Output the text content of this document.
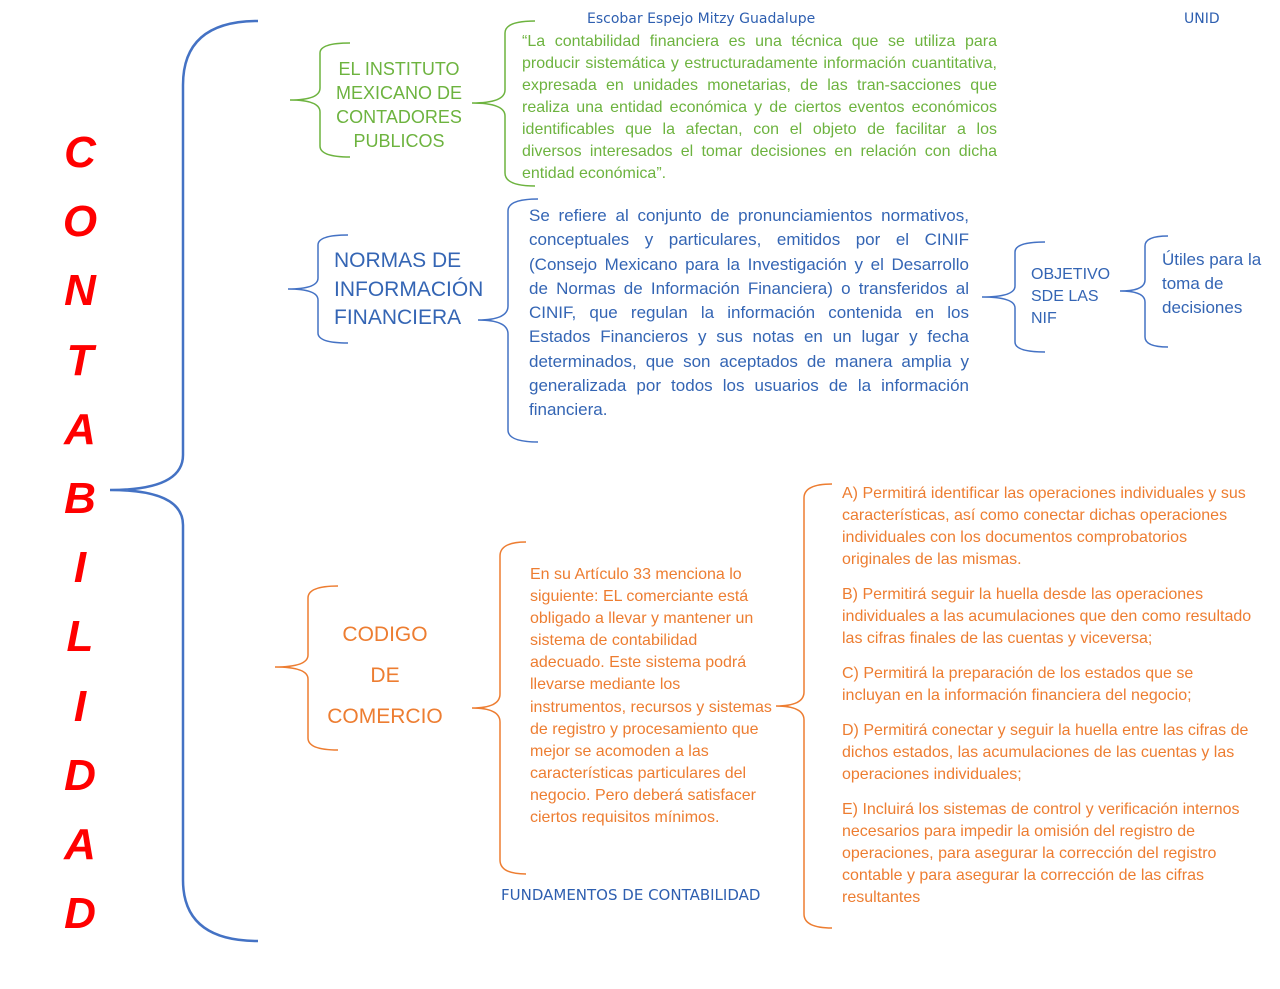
Escobar Espejo Mitzy Guadalupe	UNID
C
O
N
T
A
B
I
L
I
D
A
D
EL INSTITUTO MEXICANO DE CONTADORES PUBLICOS
“La contabilidad financiera es una técnica que se utiliza para producir sistemática y estructuradamente información cuantitativa, expresada en unidades monetarias, de las tran-sacciones que realiza una entidad económica y de ciertos eventos económicos identificables que la afectan, con el objeto de facilitar a los diversos interesados el tomar decisiones en relación con dicha entidad económica”.
NORMAS DE INFORMACIÓN FINANCIERA
Se refiere al conjunto de pronunciamientos normativos, conceptuales y particulares, emitidos por el CINIF (Consejo Mexicano para la Investigación y el Desarrollo de Normas de Información Financiera) o transferidos al CINIF, que regulan la información contenida en los Estados Financieros y sus notas en un lugar y fecha determinados, que son aceptados de manera amplia y generalizada por todos los usuarios de la información financiera.
OBJETIVO SDE LAS NIF
Útiles para la toma de decisiones
CODIGO
DE
COMERCIO
En su Artículo 33 menciona lo siguiente: EL comerciante está obligado a llevar y mantener un sistema de contabilidad adecuado. Este sistema podrá llevarse mediante los instrumentos, recursos y sistemas de registro y procesamiento que mejor se acomoden a las características particulares del negocio. Pero deberá satisfacer ciertos requisitos mínimos.

A) Permitirá identificar las operaciones individuales y sus características, así como conectar dichas operaciones individuales con los documentos comprobatorios originales de las mismas.

B) Permitirá seguir la huella desde las operaciones individuales a las acumulaciones que den como resultado las cifras finales de las cuentas y viceversa;

C) Permitirá la preparación de los estados que se incluyan en la información financiera del negocio;

D) Permitirá conectar y seguir la huella entre las cifras de dichos estados, las acumulaciones de las cuentas y las operaciones individuales;

E) Incluirá los sistemas de control y verificación internos necesarios para impedir la omisión del registro de operaciones, para asegurar la corrección del registro contable y para asegurar la corrección de las cifras resultantes

FUNDAMENTOS DE CONTABILIDAD
